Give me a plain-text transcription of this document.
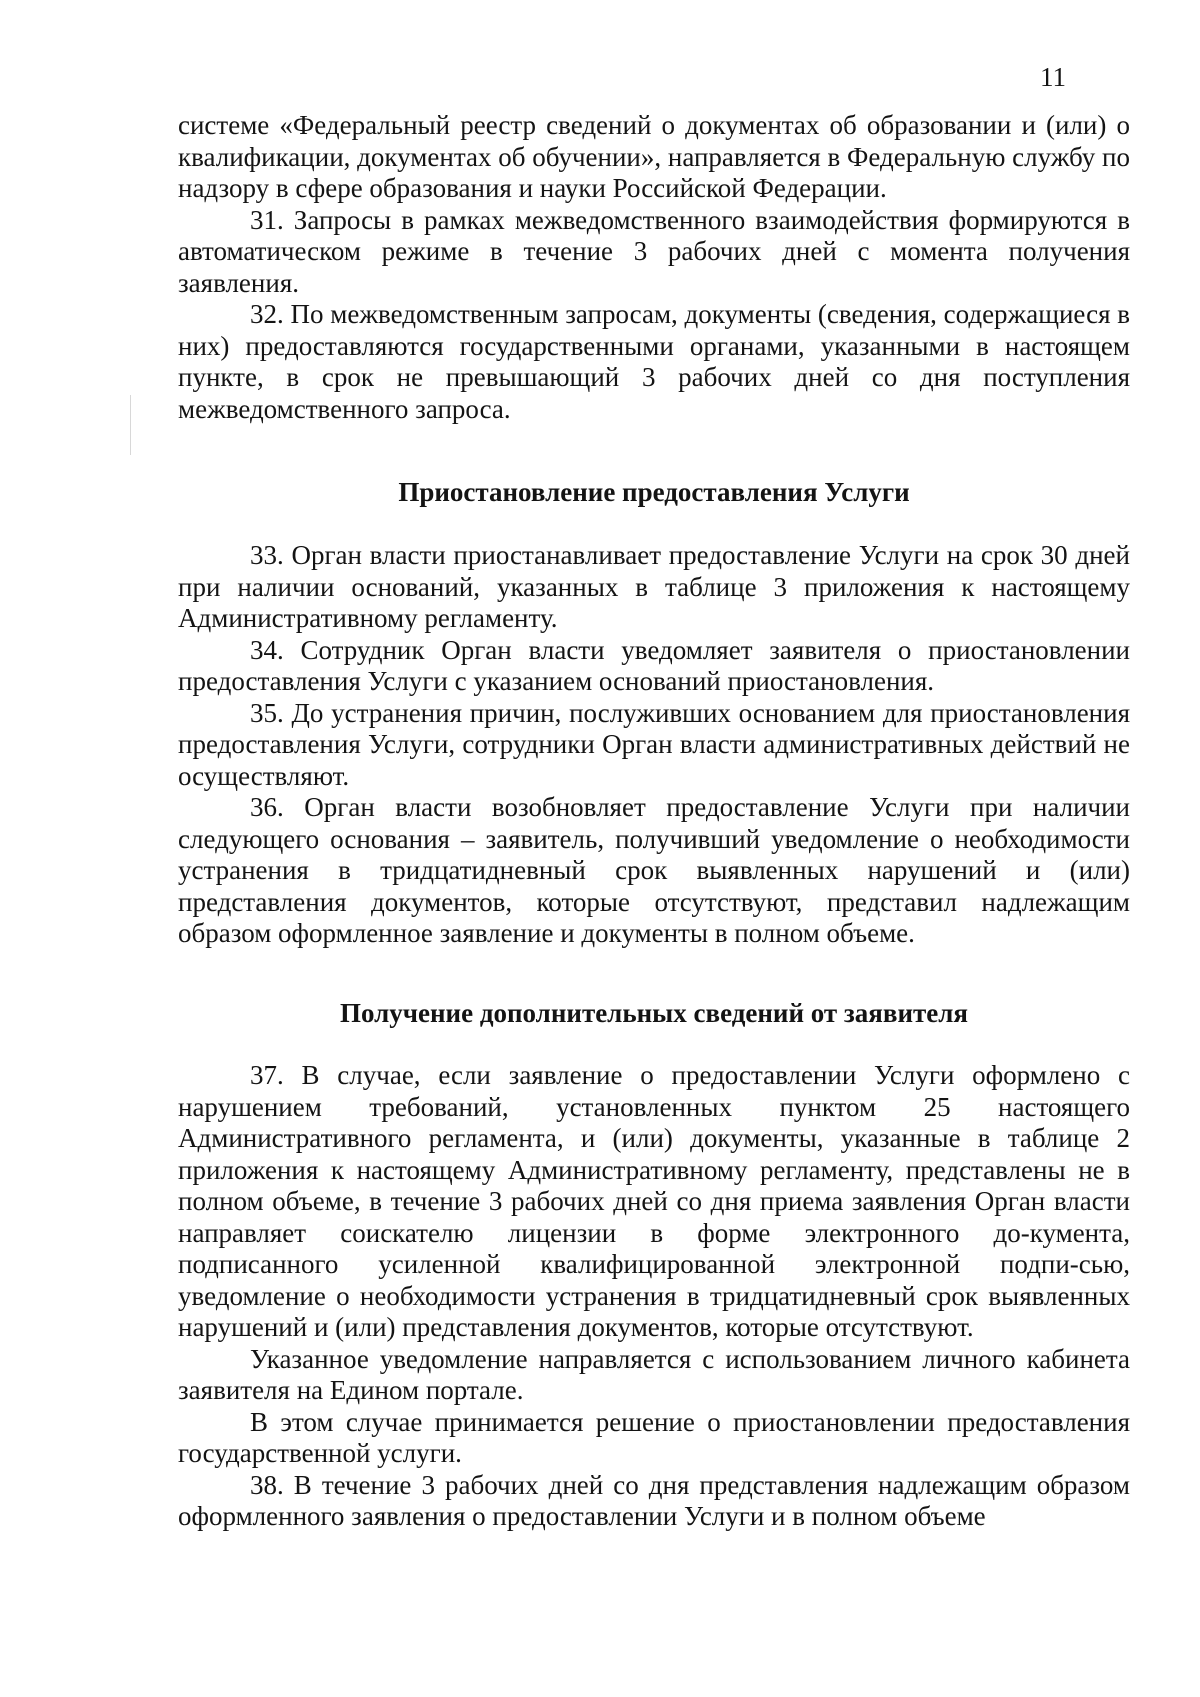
11

системе «Федеральный реестр сведений о документах об образовании и (или) о квалификации, документах об обучении», направляется в Федеральную службу по надзору в сфере образования и науки Российской Федерации.

31. Запросы в рамках межведомственного взаимодействия формируются в автоматическом режиме в течение 3 рабочих дней с момента получения заявления.

32. По межведомственным запросам, документы (сведения, содержащиеся в них) предоставляются государственными органами, указанными в настоящем пункте, в срок не превышающий 3 рабочих дней со дня поступления межведомственного запроса.

Приостановление предоставления Услуги

33. Орган власти приостанавливает предоставление Услуги на срок 30 дней при наличии оснований, указанных в таблице 3 приложения к настоящему Административному регламенту.

34. Сотрудник Орган власти уведомляет заявителя о приостановлении предоставления Услуги с указанием оснований приостановления.

35. До устранения причин, послуживших основанием для приостановления предоставления Услуги, сотрудники Орган власти административных действий не осуществляют.

36. Орган власти возобновляет предоставление Услуги при наличии следующего основания – заявитель, получивший уведомление о необходимости устранения в тридцатидневный срок выявленных нарушений и (или) представления документов, которые отсутствуют, представил надлежащим образом оформленное заявление и документы в полном объеме.

Получение дополнительных сведений от заявителя

37. В случае, если заявление о предоставлении Услуги оформлено с нарушением требований, установленных пунктом 25 настоящего Административного регламента, и (или) документы, указанные в таблице 2 приложения к настоящему Административному регламенту, представлены не в полном объеме, в течение 3 рабочих дней со дня приема заявления Орган власти направляет соискателю лицензии в форме электронного до-кумента, подписанного усиленной квалифицированной электронной подпи-сью, уведомление о необходимости устранения в тридцатидневный срок выявленных нарушений и (или) представления документов, которые отсутствуют.

Указанное уведомление направляется с использованием личного кабинета заявителя на Едином портале.

В этом случае принимается решение о приостановлении предоставления государственной услуги.

38. В течение 3 рабочих дней со дня представления надлежащим образом оформленного заявления о предоставлении Услуги и в полном объеме
